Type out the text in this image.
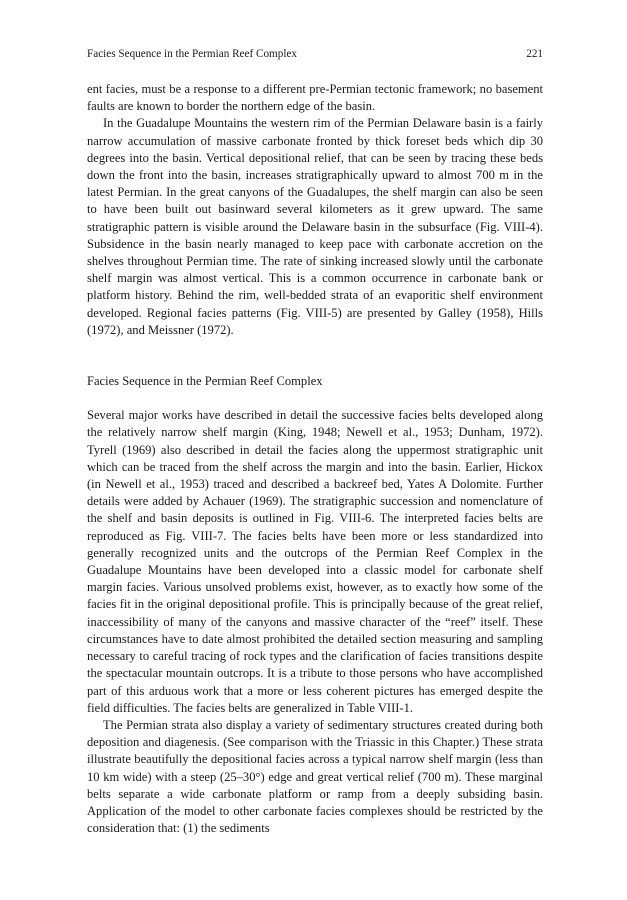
Facies Sequence in the Permian Reef Complex	221

ent facies, must be a response to a different pre-Permian tectonic framework; no basement faults are known to border the northern edge of the basin.

In the Guadalupe Mountains the western rim of the Permian Delaware basin is a fairly narrow accumulation of massive carbonate fronted by thick foreset beds which dip 30 degrees into the basin. Vertical depositional relief, that can be seen by tracing these beds down the front into the basin, increases stratigraphically upward to almost 700 m in the latest Permian. In the great canyons of the Guadalupes, the shelf margin can also be seen to have been built out basinward several kilometers as it grew upward. The same stratigraphic pattern is visible around the Delaware basin in the subsurface (Fig. VIII-4). Subsidence in the basin nearly managed to keep pace with carbonate accretion on the shelves throughout Permian time. The rate of sinking increased slowly until the carbonate shelf margin was almost vertical. This is a common occurrence in carbonate bank or platform history. Behind the rim, well-bedded strata of an evaporitic shelf environment developed. Regional facies patterns (Fig. VIII-5) are presented by Galley (1958), Hills (1972), and Meissner (1972).

Facies Sequence in the Permian Reef Complex

Several major works have described in detail the successive facies belts developed along the relatively narrow shelf margin (King, 1948; Newell et al., 1953; Dunham, 1972). Tyrell (1969) also described in detail the facies along the uppermost stratigraphic unit which can be traced from the shelf across the margin and into the basin. Earlier, Hickox (in Newell et al., 1953) traced and described a backreef bed, Yates A Dolomite. Further details were added by Achauer (1969). The stratigraphic succession and nomenclature of the shelf and basin deposits is outlined in Fig. VIII-6. The interpreted facies belts are reproduced as Fig. VIII-7. The facies belts have been more or less standardized into generally recognized units and the outcrops of the Permian Reef Complex in the Guadalupe Mountains have been developed into a classic model for carbonate shelf margin facies. Various unsolved problems exist, however, as to exactly how some of the facies fit in the original depositional profile. This is principally because of the great relief, inaccessibility of many of the canyons and massive character of the “reef” itself. These circumstances have to date almost prohibited the detailed section measuring and sampling necessary to careful tracing of rock types and the clarification of facies transitions despite the spectacular mountain outcrops. It is a tribute to those persons who have accomplished part of this arduous work that a more or less coherent pictures has emerged despite the field difficulties. The facies belts are generalized in Table VIII-1.

The Permian strata also display a variety of sedimentary structures created during both deposition and diagenesis. (See comparison with the Triassic in this Chapter.) These strata illustrate beautifully the depositional facies across a typical narrow shelf margin (less than 10 km wide) with a steep (25–30°) edge and great vertical relief (700 m). These marginal belts separate a wide carbonate platform or ramp from a deeply subsiding basin. Application of the model to other carbonate facies complexes should be restricted by the consideration that: (1) the sediments
